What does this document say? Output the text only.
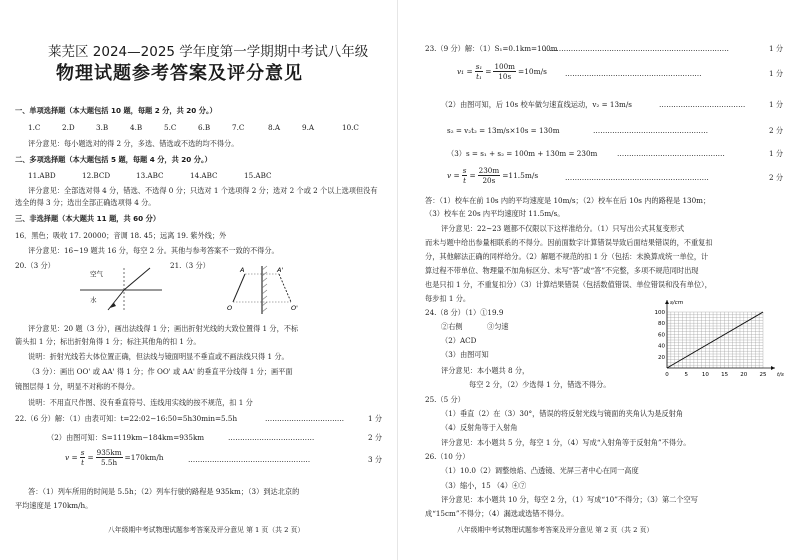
莱芜区 2024—2025 学年度第一学期期中考试八年级
物理试题参考答案及评分意见
一、单项选择题（本大题包括 10 题，每题 2 分，共 20 分。）
1.C	2.D	3.B	4.B	5.C	6.B	7.C	8.A	9.A	10.C
评分意见：每小题选对的得 2 分，多选、错选或不选的均不得分。
二、多项选择题（本大题包括 5 题，每题 4 分，共 20 分。）
11.ABD	12.BCD	13.ABC	14.ABC	15.ABC
评分意见：全部选对得 4 分，错选、不选得 0 分；只选对 1 个选项得 2 分；选对 2 个或 2 个以上选项但没有
选全的得 3 分；选出全部正确选项得 4 分。
三、非选择题（本大题共 11 题，共 60 分）
16．黑色；吸收 17. 20000；音调 18. 45；远离 19. 紫外线；外
评分意见：16~19 题共 16 分，每空 2 分。其他与参考答案不一致的不得分。
20.（3 分）	21.（3 分）
空气
水
A	A'
O	O'
评分意见：20 题（3 分），画出法线得 1 分；画出折射光线的大致位置得 1 分，不标
箭头扣 1 分；标出折射角得 1 分；标注其他角的扣 1 分。
说明：折射光线若大体位置正确，但法线与镜面明显不垂直或不画法线只得 1 分。
（3 分）：画出 OO' 或 AA' 得 1 分；作 OO' 或 AA' 的垂直平分线得 1 分；画平面
镜图层得 1 分，明显不对称的不得分。
说明：不用直尺作图、没有垂直符号、连线用实线的按不规范，扣 1 分
22.（6 分）解：（1）由表可知：t=22:02−16:50=5h30min=5.5h	……………………………	1 分
（2）由图可知：S=1119km−184km=935km	………………………………	2 分
$v = \frac{s}{t} = \frac{935km}{5.5h} =170km/h$	……………………………………………	3 分
答：（1）列车所用的时间是 5.5h；（2）列车行驶的路程是 935km；（3）到达北京的
平均速度是 170km/h。
八年级期中考试物理试题参考答案及评分意见 第 1 页（共 2 页）
23.（9 分）解：（1）S₁=0.1km=100m
……………………………………………………………………	1 分
$v_1 = \frac{\text{s₁}}{\text{t₁}} = \frac{100m}{10s} =10m/s$	…………………………………………………	1 分
（2）由图可知，后 10s 校车做匀速直线运动，v₂ = 13m/s	………………………………	1 分
s₂ = v₂t₂ = 13m/s×10s = 130m	…………………………………………	2 分
（3）s = s₁ + s₂ = 100m + 130m = 230m	………………………………………	1 分
$v = \frac{s}{t} = \frac{230m}{20s} =11.5m/s$	……………………………………………………	2 分
答：（1）校车在前 10s 内的平均速度是 10m/s；（2）校车在后 10s 内的路程是 130m；
（3）校车在 20s 内平均速度时 11.5m/s。
评分意见：22~23 题都不仅限以下这样准给分。（1）只写出公式其复变形式
而未与题中给出参量相联系的不得分。因前面数字计算错误导致后面结果错误的，不重复扣
分，其他解法正确的同样给分。（2）解题不规范的扣 1 分（包括：未换算成统一单位，计
算过程不带单位、物理量不加角标区分、未写“答”或“答”不完整，多项不规范同时出现
也是只扣 1 分，不重复扣分）（3）计算结果错误（包括数值错误、单位错误和没有单位），
每步扣 1 分。
24.（8 分）（1）①19.9
②右侧	③匀速
（2）ACD
（3）由图可知
评分意见：本小题共 8 分，
每空 2 分，（2）少选得 1 分，错选不得分。
0	5	10 15 20 25
20
40
60
80
100
t/s
s/cm
25.（5 分）
（1）垂直（2）在（3）30°，错误的将反射光线与镜面的夹角认为是反射角
（4）反射角等于入射角
评分意见：本小题共 5 分，每空 1 分，（4）写成“入射角等于反射角”不得分。
26.（10 分）
（1）10.0（2）调整烛焰、凸透镜、光屏三者中心在同一高度
（3）缩小，15 （4）④⑦
评分意见：本小题共 10 分，每空 2 分，（1）写成“10”不得分；（3）第二个空写
成“15cm”不得分；（4）漏选或选错不得分。
八年级期中考试物理试题参考答案及评分意见 第 2 页（共 2 页）
